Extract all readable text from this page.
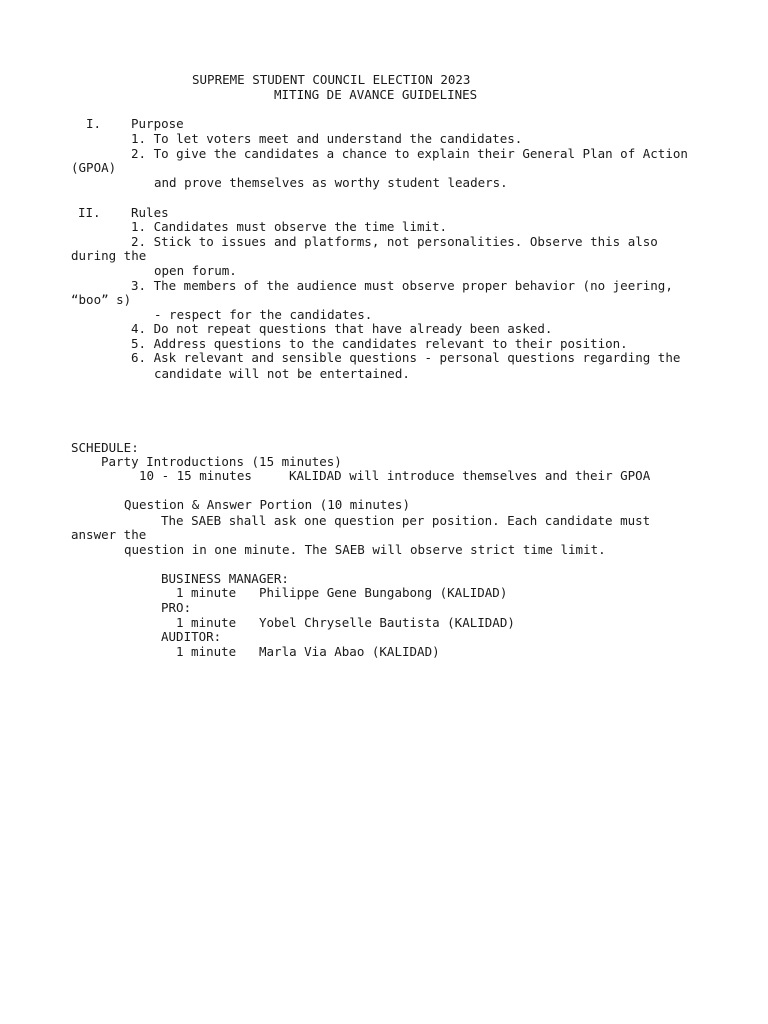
SUPREME STUDENT COUNCIL ELECTION 2023
MITING DE AVANCE GUIDELINES
I. Purpose
1. To let voters meet and understand the candidates.
2. To give the candidates a chance to explain their General Plan of Action
(GPOA)
and prove themselves as worthy student leaders.
II. Rules
1. Candidates must observe the time limit.
2. Stick to issues and platforms, not personalities. Observe this also
during the
open forum.
3. The members of the audience must observe proper behavior (no jeering,
“boo” s)
- respect for the candidates.
4. Do not repeat questions that have already been asked.
5. Address questions to the candidates relevant to their position.
6. Ask relevant and sensible questions - personal questions regarding the
candidate will not be entertained.
SCHEDULE:
Party Introductions (15 minutes)
10 - 15 minutes	KALIDAD will introduce themselves and their GPOA
Question & Answer Portion (10 minutes)
The SAEB shall ask one question per position. Each candidate must
answer the
question in one minute. The SAEB will observe strict time limit.
BUSINESS MANAGER:
1 minute Philippe Gene Bungabong (KALIDAD)
PRO:
1 minute Yobel Chryselle Bautista (KALIDAD)
AUDITOR:
1 minute Marla Via Abao (KALIDAD)
